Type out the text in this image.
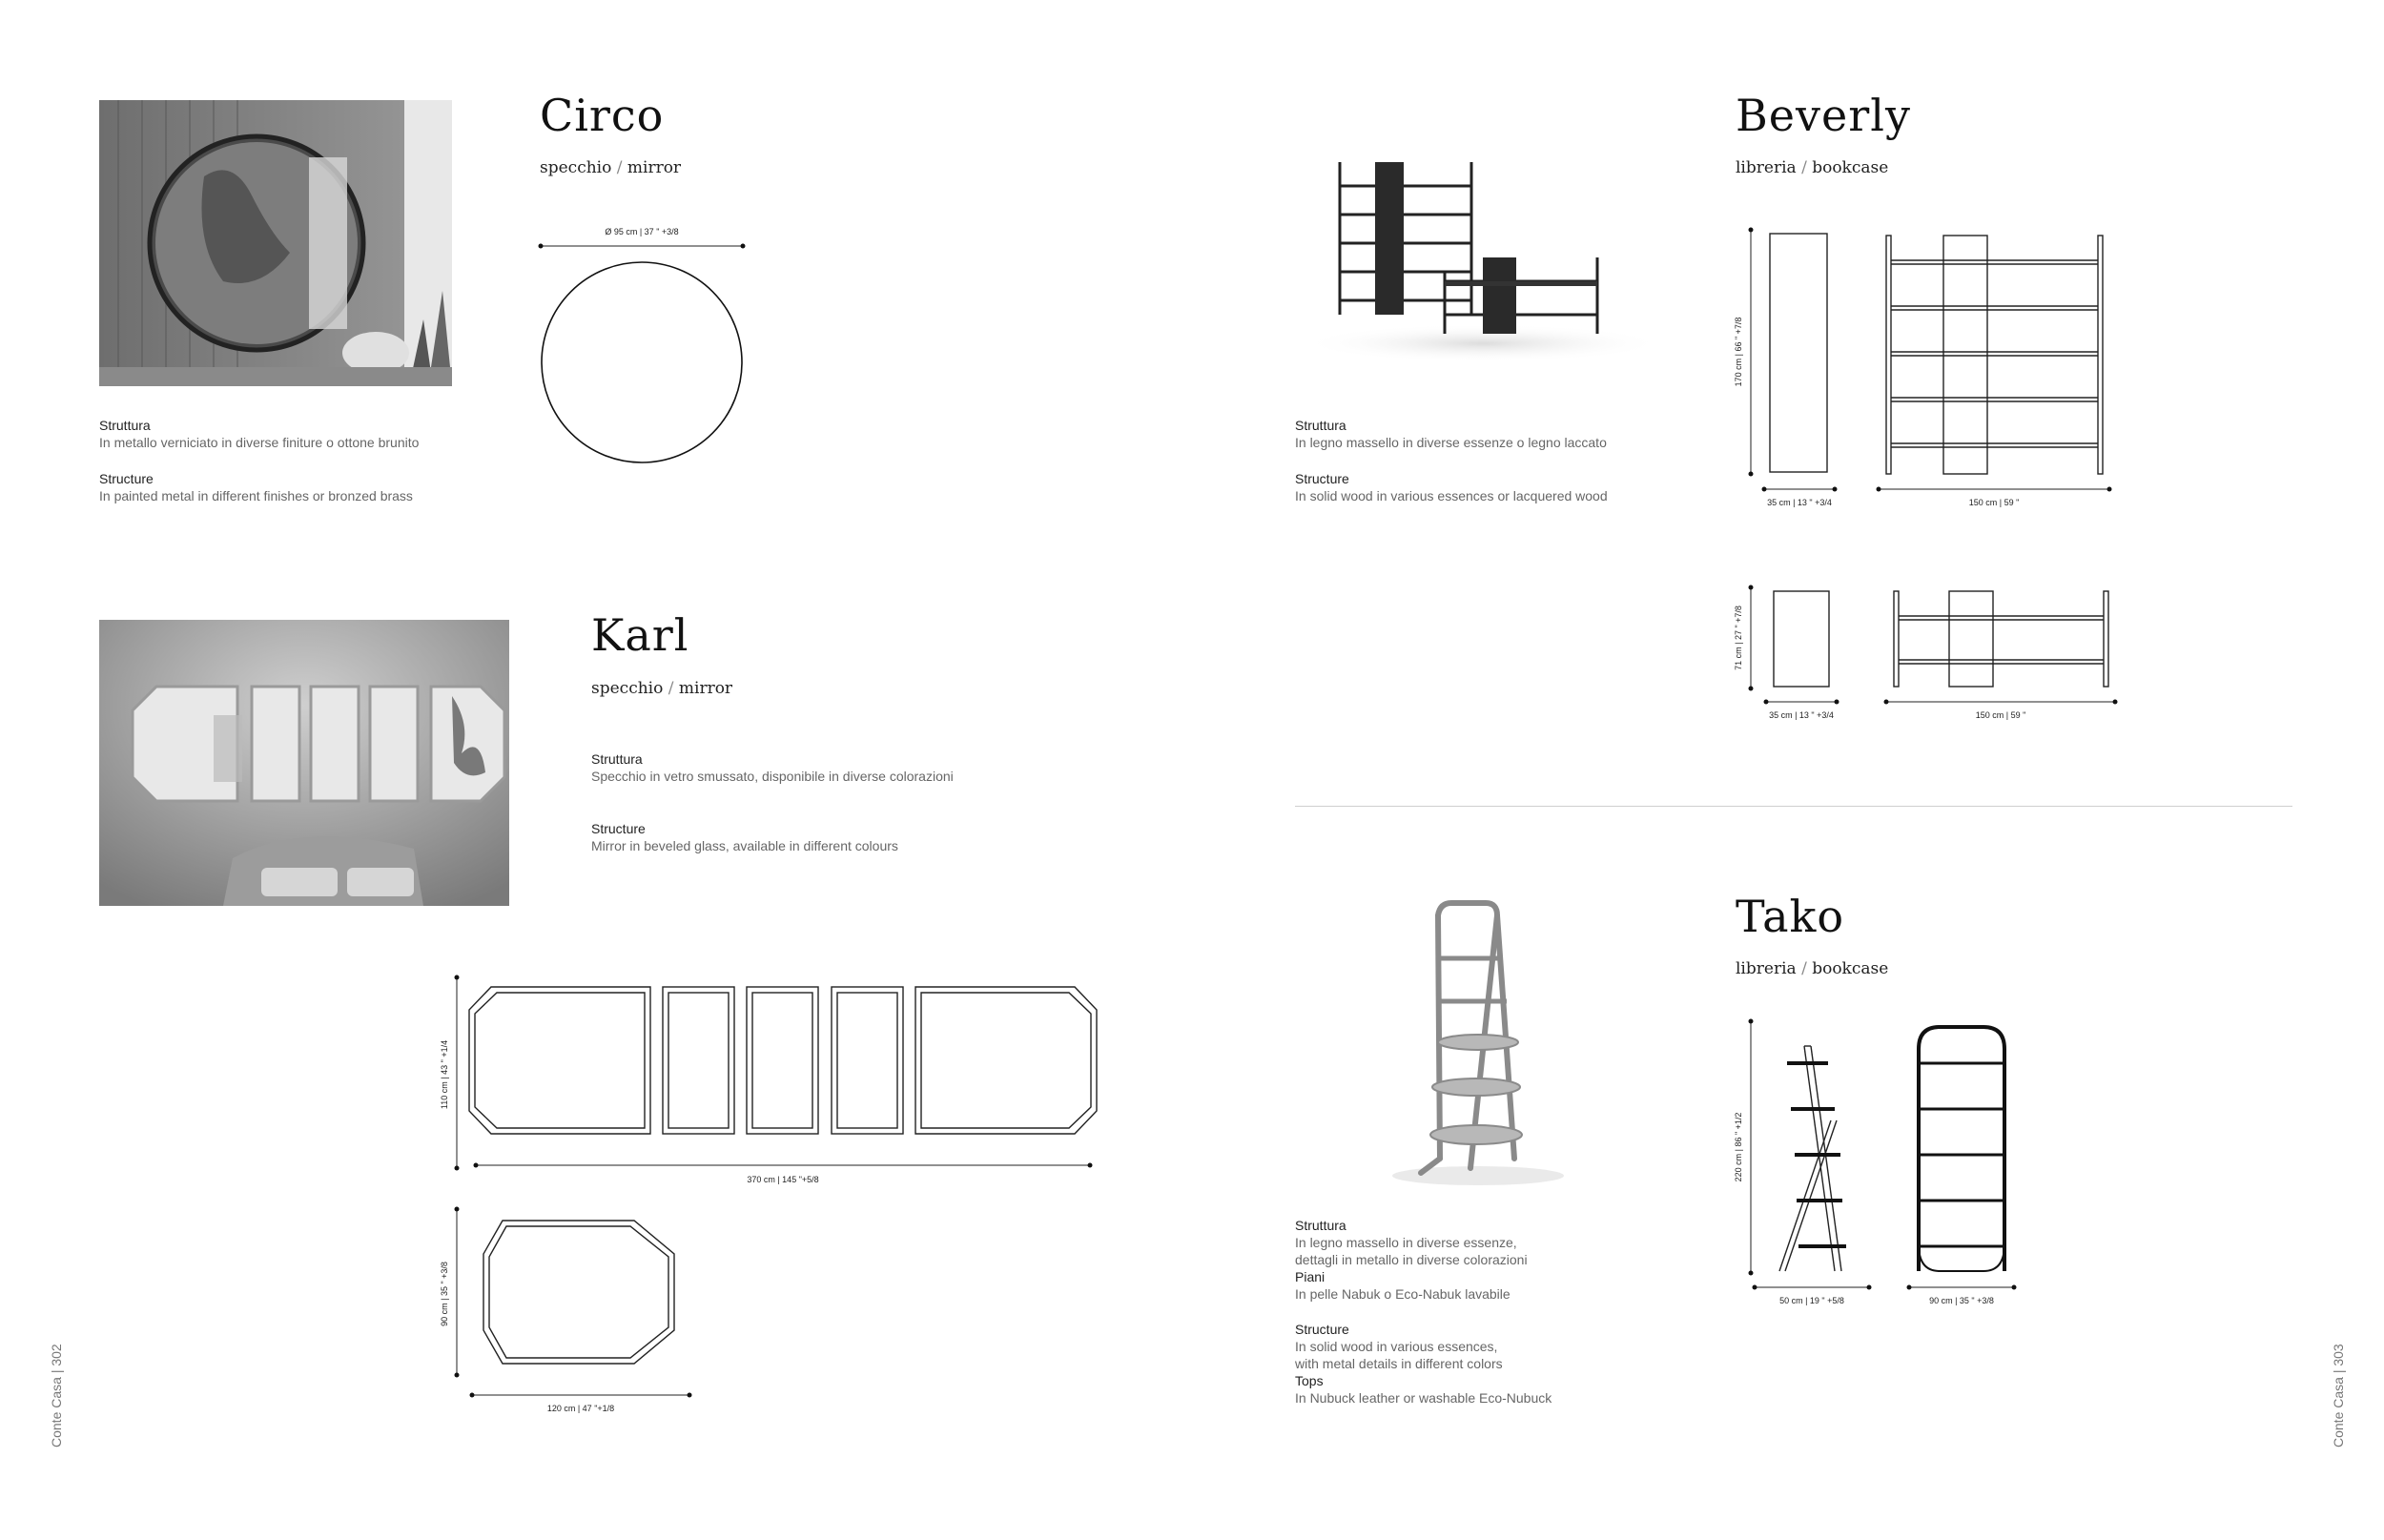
Circo
specchio / mirror
Ø 95 cm | 37 " +3/8
Struttura
In metallo verniciato in diverse finiture o ottone brunito
Structure
In painted metal in different finishes or bronzed brass
Karl
specchio / mirror
Struttura
Specchio in vetro smussato, disponibile in diverse colorazioni
Structure
Mirror in beveled glass, available in different colours
110 cm | 43 " +1/4
370 cm | 145 "+5/8
90 cm | 35 " +3/8
120 cm | 47 "+1/8
Beverly
libreria / bookcase
Struttura
In legno massello in diverse essenze o legno laccato
Structure
In solid wood in various essences or lacquered wood
170 cm | 66 " +7/8
35 cm | 13 " +3/4	150 cm | 59 "
71 cm | 27 " +7/8
35 cm | 13 " +3/4	150 cm | 59 "
Tako
libreria / bookcase
220 cm | 86 " +1/2
50 cm | 19 " +5/8	90 cm | 35 " +3/8
Struttura
In legno massello in diverse essenze,
dettagli in metallo in diverse colorazioni
Piani
In pelle Nabuk o Eco-Nabuk lavabile
Structure
In solid wood in various essences,
with metal details in different colors
Tops
In Nubuck leather or washable Eco-Nubuck
Conte Casa | 302	Conte Casa | 303
